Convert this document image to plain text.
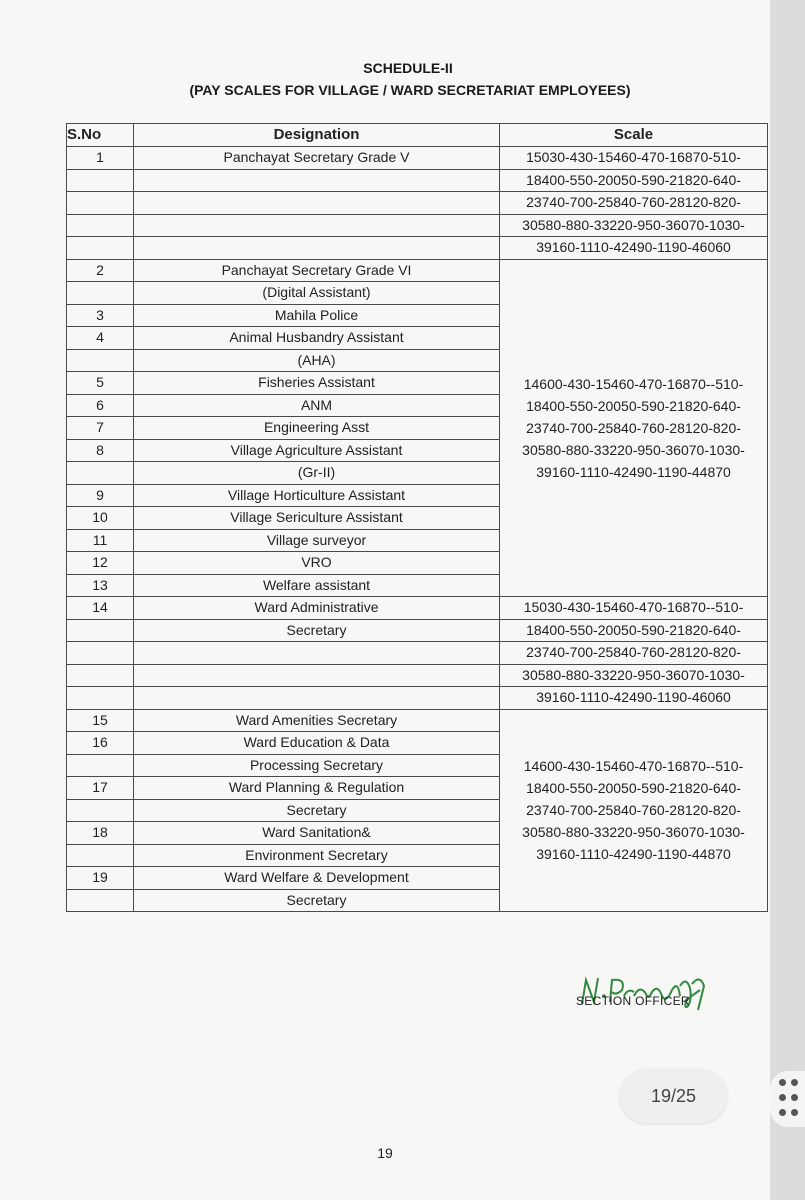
SCHEDULE-II
(PAY SCALES FOR VILLAGE / WARD SECRETARIAT EMPLOYEES)
S.No	Designation	Scale
1	Panchayat Secretary Grade V	15030-430-15460-470-16870-510-
		18400-550-20050-590-21820-640-
		23740-700-25840-760-28120-820-
		30580-880-33220-950-36070-1030-
		39160-1110-42490-1190-46060
2	Panchayat Secretary Grade VI	14600-430-15460-470-16870--510-
18400-550-20050-590-21820-640-
23740-700-25840-760-28120-820-
30580-880-33220-950-36070-1030-
39160-1110-42490-1190-44870

	(Digital Assistant)	
3	Mahila Police	
4	Animal Husbandry Assistant	
	(AHA)	
5	Fisheries Assistant	
6	ANM	
7	Engineering Asst	
8	Village Agriculture Assistant	
	(Gr-II)	
9	Village Horticulture Assistant	
10	Village Sericulture Assistant	
11	Village surveyor	
12	VRO	
13	Welfare assistant	
14	Ward Administrative	15030-430-15460-470-16870--510-
	Secretary	18400-550-20050-590-21820-640-
		23740-700-25840-760-28120-820-
		30580-880-33220-950-36070-1030-
		39160-1110-42490-1190-46060
15	Ward Amenities Secretary	14600-430-15460-470-16870--510-
18400-550-20050-590-21820-640-
23740-700-25840-760-28120-820-
30580-880-33220-950-36070-1030-
39160-1110-42490-1190-44870

16	Ward Education & Data	
	Processing Secretary	
17	Ward Planning & Regulation	
	Secretary	
18	Ward Sanitation&	
	Environment Secretary	
19	Ward Welfare & Development	
	Secretary	
SECTION OFFICER
19/25
19
